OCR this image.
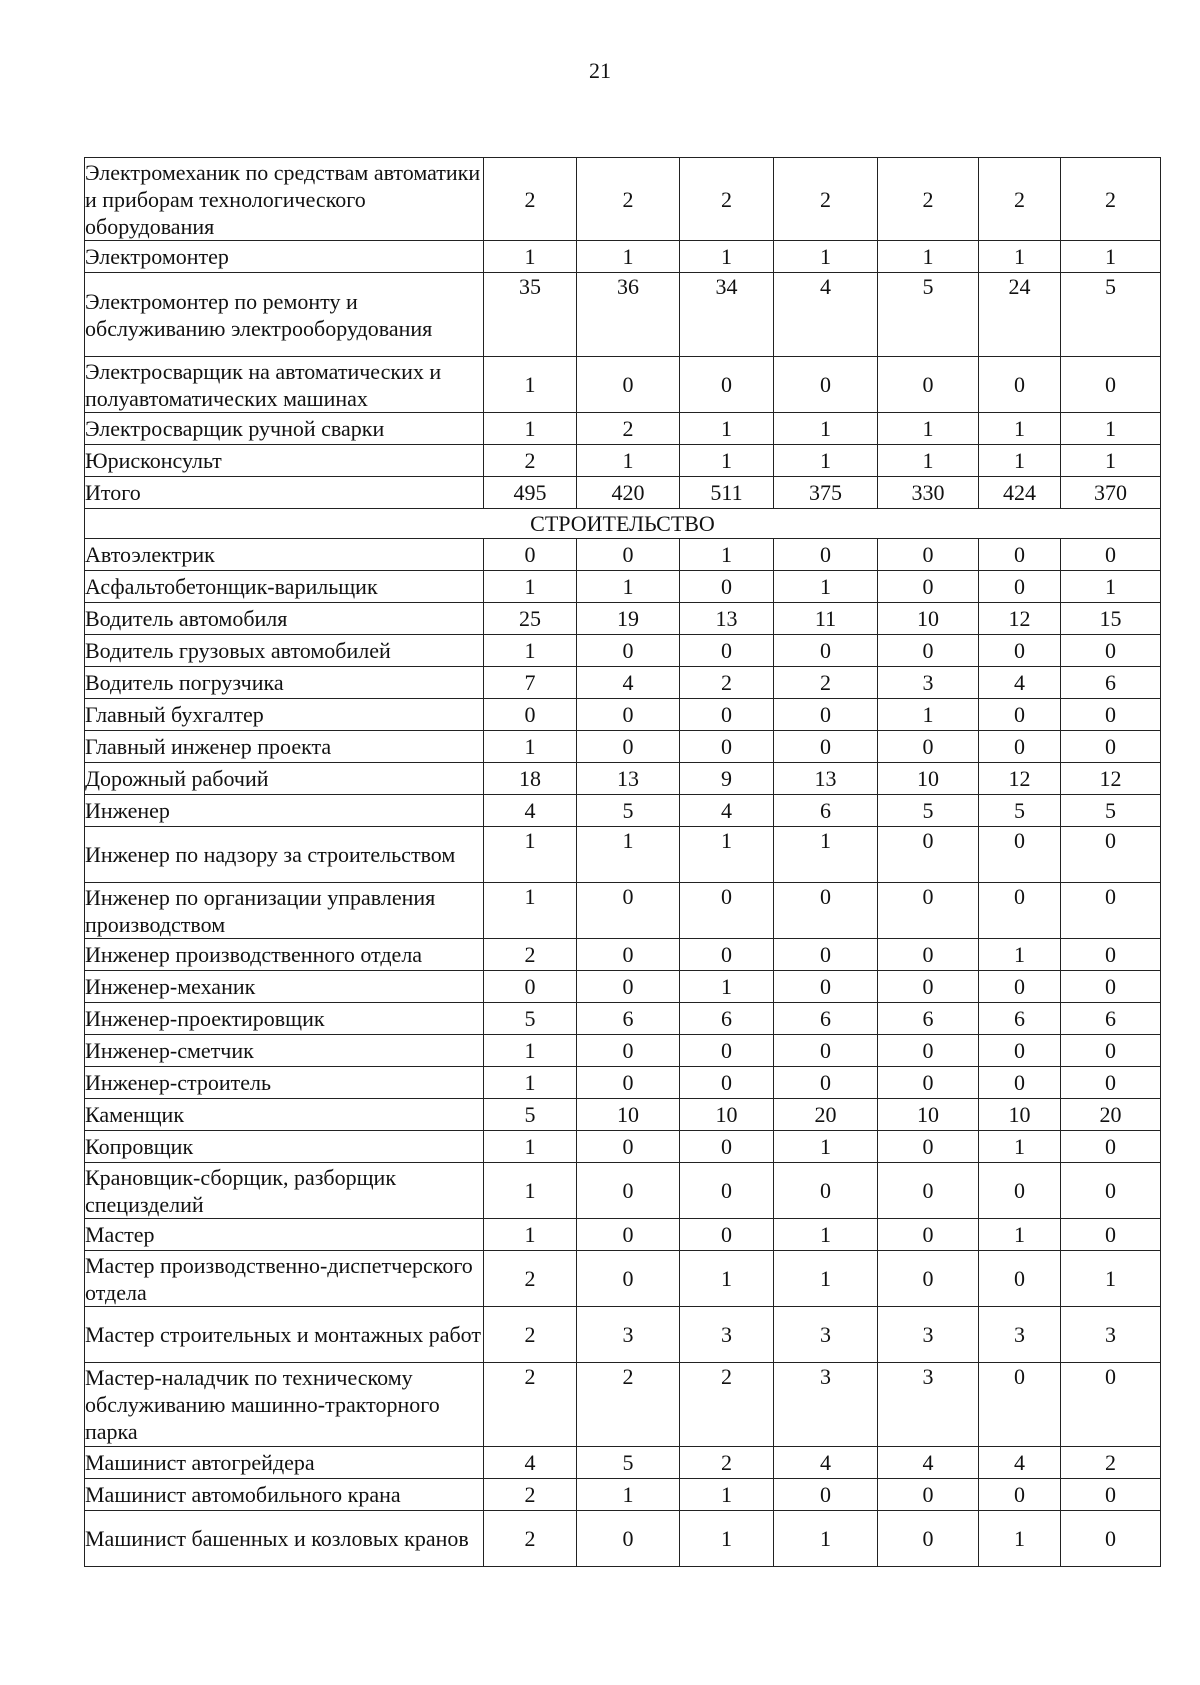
21
Электромеханик по средствам автоматики и приборам технологического оборудования	2	2	2	2	2	2	2
Электромонтер	1	1	1	1	1	1	1
Электромонтер по ремонту и обслуживанию электрооборудования	35	36	34	4	5	24	5
Электросварщик на автоматических и полуавтоматических машинах	1	0	0	0	0	0	0
Электросварщик ручной сварки	1	2	1	1	1	1	1
Юрисконсульт	2	1	1	1	1	1	1
Итого	495	420	511	375	330	424	370
СТРОИТЕЛЬСТВО							
Автоэлектрик	0	0	1	0	0	0	0
Асфальтобетонщик-варильщик	1	1	0	1	0	0	1
Водитель автомобиля	25	19	13	11	10	12	15
Водитель грузовых автомобилей	1	0	0	0	0	0	0
Водитель погрузчика	7	4	2	2	3	4	6
Главный бухгалтер	0	0	0	0	1	0	0
Главный инженер проекта	1	0	0	0	0	0	0
Дорожный рабочий	18	13	9	13	10	12	12
Инженер	4	5	4	6	5	5	5
Инженер по надзору за строительством	1	1	1	1	0	0	0
Инженер по организации управления производством	1	0	0	0	0	0	0
Инженер производственного отдела	2	0	0	0	0	1	0
Инженер-механик	0	0	1	0	0	0	0
Инженер-проектировщик	5	6	6	6	6	6	6
Инженер-сметчик	1	0	0	0	0	0	0
Инженер-строитель	1	0	0	0	0	0	0
Каменщик	5	10	10	20	10	10	20
Копровщик	1	0	0	1	0	1	0
Крановщик-сборщик, разборщик специзделий	1	0	0	0	0	0	0
Мастер	1	0	0	1	0	1	0
Мастер производственно-диспетчерского отдела	2	0	1	1	0	0	1
Мастер строительных и монтажных работ	2	3	3	3	3	3	3
Мастер-наладчик по техническому обслуживанию машинно-тракторного парка	2	2	2	3	3	0	0
Машинист автогрейдера	4	5	2	4	4	4	2
Машинист автомобильного крана	2	1	1	0	0	0	0
Машинист башенных и козловых кранов	2	0	1	1	0	1	0
